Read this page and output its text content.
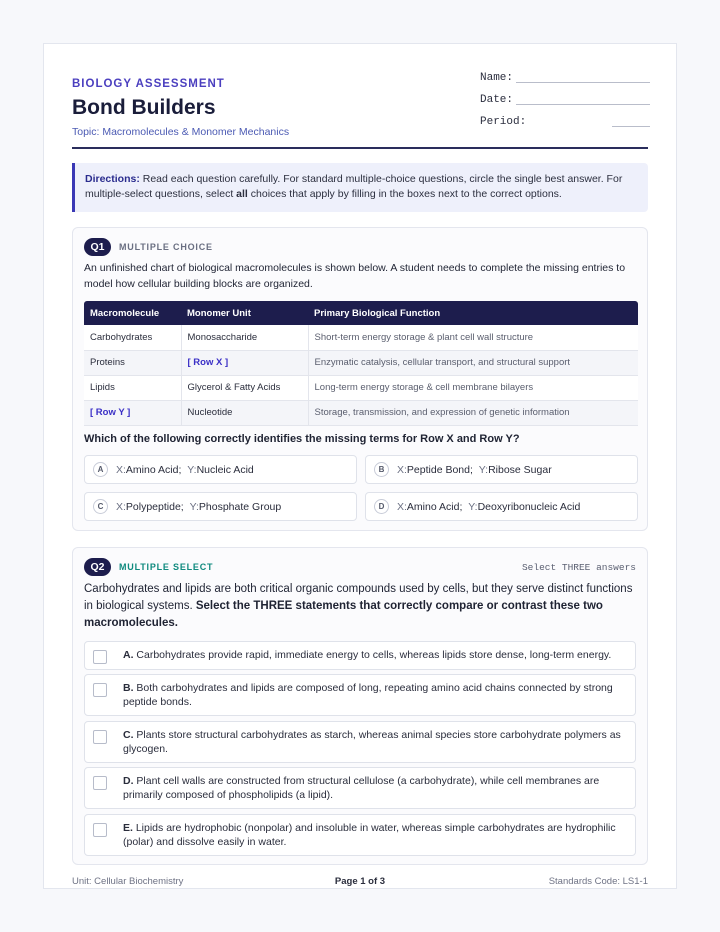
BIOLOGY ASSESSMENT
Bond Builders
Topic: Macromolecules & Monomer Mechanics
Name:
Date:
Period:
Directions: Read each question carefully. For standard multiple-choice questions, circle the single best answer. For multiple-select questions, select all choices that apply by filling in the boxes next to the correct options.
Q1	MULTIPLE CHOICE
An unfinished chart of biological macromolecules is shown below. A student needs to complete the missing entries to model how cellular building blocks are organized.
Macromolecule	Monomer Unit	Primary Biological Function
Carbohydrates	Monosaccharide	Short-term energy storage & plant cell wall structure
Proteins	[ Row X ]	Enzymatic catalysis, cellular transport, and structural support
Lipids	Glycerol & Fatty Acids	Long-term energy storage & cell membrane bilayers
[ Row Y ]	Nucleotide	Storage, transmission, and expression of genetic information
Which of the following correctly identifies the missing terms for Row X and Row Y?
A	X: Amino Acid;
Y: Nucleic Acid	B	X: Peptide Bond;
Y: Ribose Sugar
C	X: Polypeptide;
Y: Phosphate Group	D	X: Amino Acid;
Y: Deoxyribonucleic Acid
Q2	MULTIPLE SELECT	Select THREE answers
Carbohydrates and lipids are both critical organic compounds used by cells, but they serve distinct functions in biological systems. Select the THREE statements that correctly compare or contrast these two macromolecules.
A. Carbohydrates provide rapid, immediate energy to cells, whereas lipids store dense, long-term energy.
B. Both carbohydrates and lipids are composed of long, repeating amino acid chains connected by strong peptide bonds.
C. Plants store structural carbohydrates as starch, whereas animal species store carbohydrate polymers as glycogen.
D. Plant cell walls are constructed from structural cellulose (a carbohydrate), while cell membranes are primarily composed of phospholipids (a lipid).
E. Lipids are hydrophobic (nonpolar) and insoluble in water, whereas simple carbohydrates are hydrophilic (polar) and dissolve easily in water.
Unit: Cellular Biochemistry	Page 1 of 3	Standards Code: LS1-1
